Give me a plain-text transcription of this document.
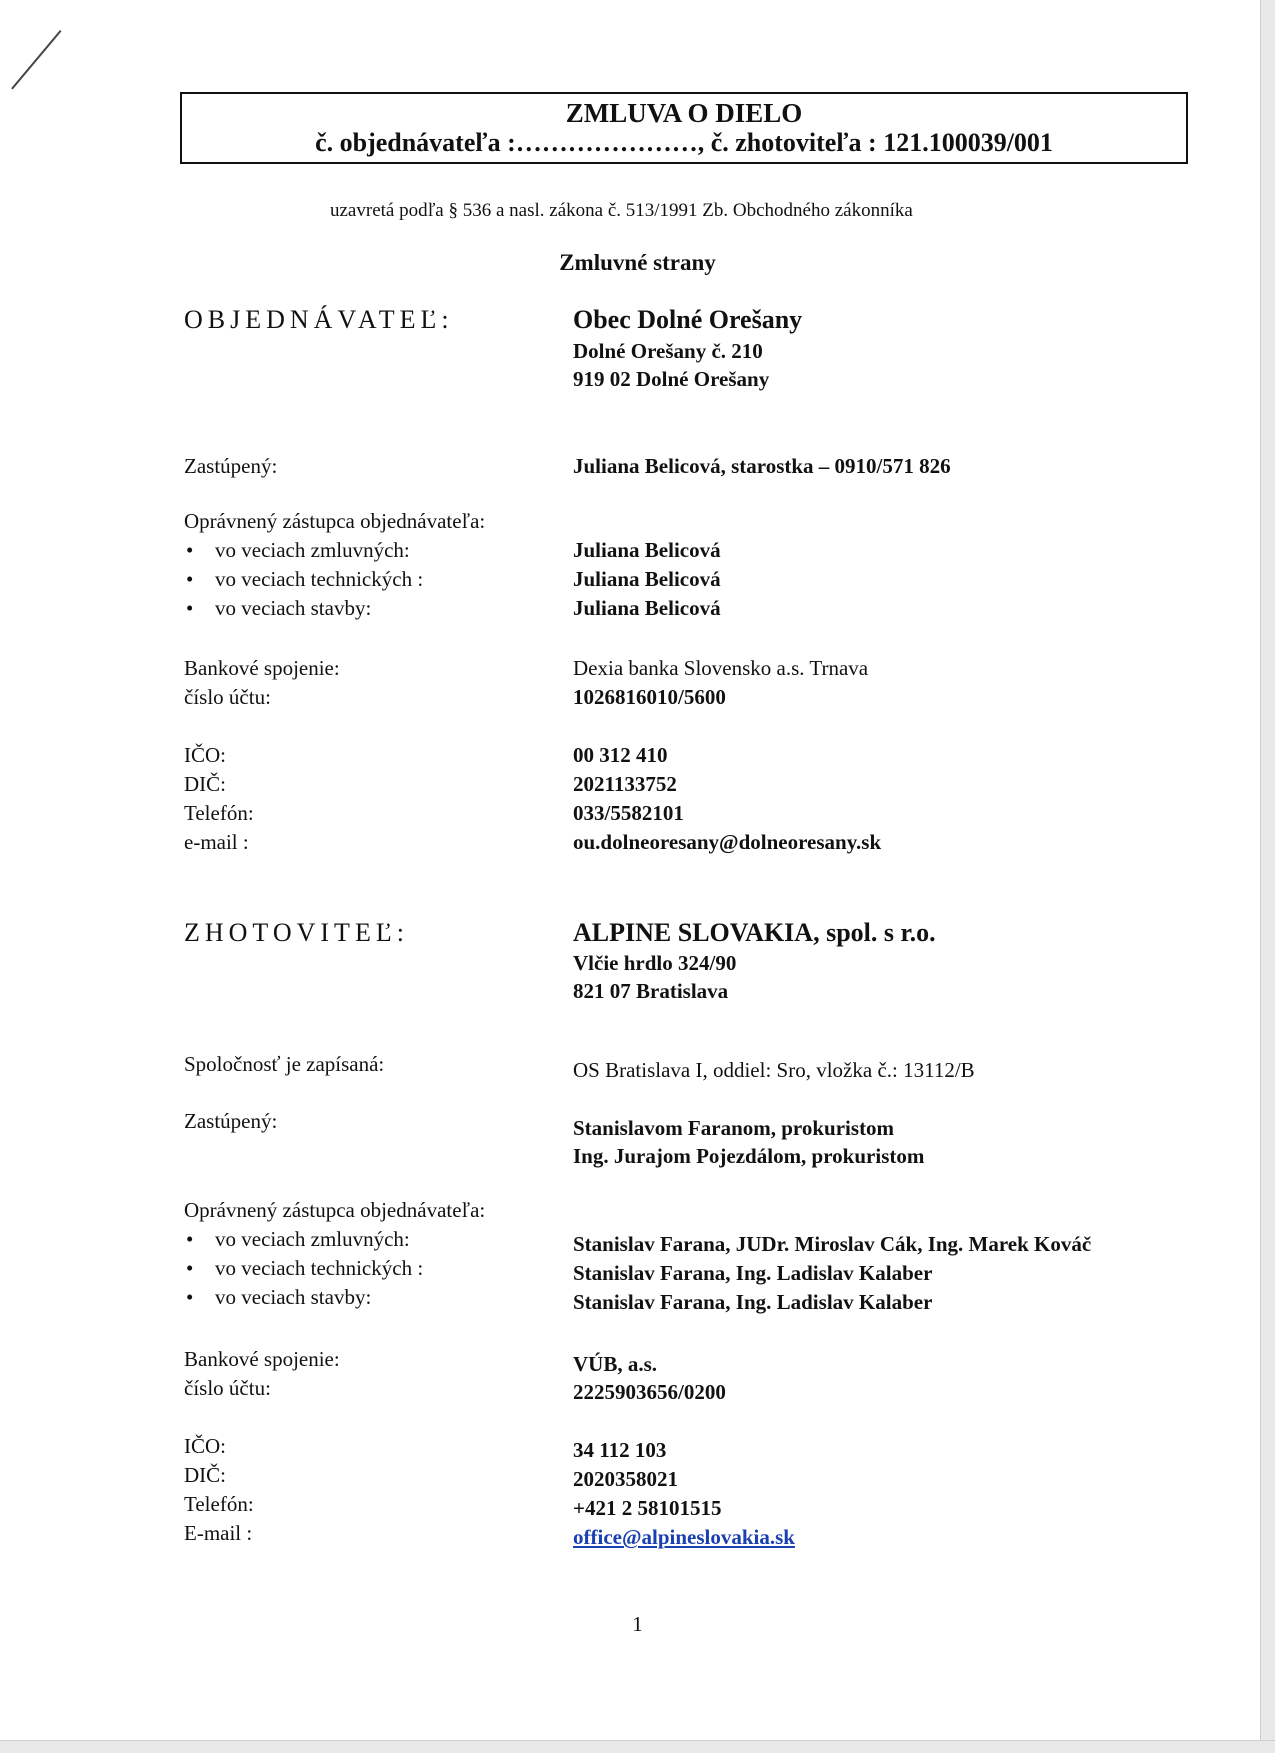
ZMLUVA O DIELO
č. objednávateľa :…………………, č. zhotoviteľa : 121.100039/001
uzavretá podľa § 536 a nasl. zákona č. 513/1991 Zb. Obchodného zákonníka
Zmluvné strany
OBJEDNÁVATEĽ:	Obec Dolné Orešany
Dolné Orešany č. 210
919 02 Dolné Orešany
Zastúpený:	Juliana Belicová, starostka – 0910/571 826
Oprávnený zástupca objednávateľa:
• vo veciach zmluvných:	Juliana Belicová
• vo veciach technických :	Juliana Belicová
• vo veciach stavby:	Juliana Belicová
Bankové spojenie:	Dexia banka Slovensko a.s. Trnava
číslo účtu:	1026816010/5600
IČO:	00 312 410
DIČ:	2021133752
Telefón:	033/5582101
e-mail :	ou.dolneoresany@dolneoresany.sk
ZHOTOVITEĽ:	ALPINE SLOVAKIA, spol. s r.o.
Vlčie hrdlo 324/90
821 07 Bratislava
Spoločnosť je zapísaná:	OS Bratislava I, oddiel: Sro, vložka č.: 13112/B
Zastúpený:	Stanislavom Faranom, prokuristom
Ing. Jurajom Pojezdálom, prokuristom
Oprávnený zástupca objednávateľa:
• vo veciach zmluvných:	Stanislav Farana, JUDr. Miroslav Cák, Ing. Marek Kováč
• vo veciach technických :	Stanislav Farana, Ing. Ladislav Kalaber
• vo veciach stavby:	Stanislav Farana, Ing. Ladislav Kalaber
Bankové spojenie:	VÚB, a.s.
číslo účtu:	2225903656/0200
IČO:	34 112 103
DIČ:	2020358021
Telefón:	+421 2 58101515
E-mail :	office@alpineslovakia.sk
1
